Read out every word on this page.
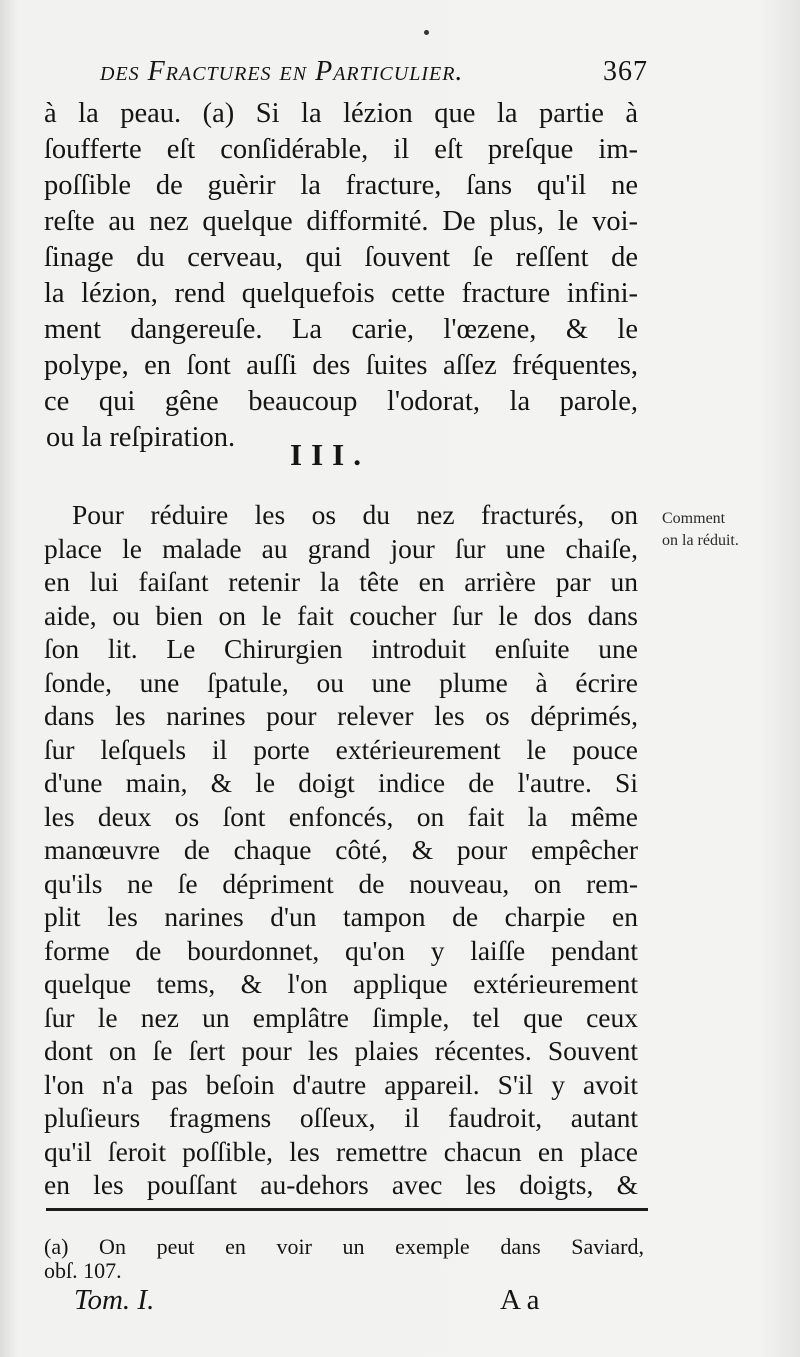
des Fractures en Particulier.	367
à la peau. (a) Si la lézion que la partie à
ſoufferte eſt conſidérable, il eſt preſque im-
poſſible de guèrir la fracture, ſans qu'il ne
reſte au nez quelque difformité. De plus, le voi-
ſinage du cerveau, qui ſouvent ſe reſſent de
la lézion, rend quelquefois cette fracture infini-
ment dangereuſe. La carie, l'œzene, & le
polype, en ſont auſſi des ſuites aſſez fréquentes,
ce qui gêne beaucoup l'odorat, la parole,
ou la reſpiration.	III.
Pour réduire les os du nez fracturés, on
place le malade au grand jour ſur une chaiſe,
en lui faiſant retenir la tête en arrière par un
aide, ou bien on le fait coucher ſur le dos dans
ſon lit. Le Chirurgien introduit enſuite une
ſonde, une ſpatule, ou une plume à écrire
dans les narines pour relever les os déprimés,
ſur leſquels il porte extérieurement le pouce
d'une main, & le doigt indice de l'autre. Si
les deux os ſont enfoncés, on fait la même
manœuvre de chaque côté, & pour empêcher
qu'ils ne ſe dépriment de nouveau, on rem-
plit les narines d'un tampon de charpie en
forme de bourdonnet, qu'on y laiſſe pendant
quelque tems, & l'on applique extérieurement
ſur le nez un emplâtre ſimple, tel que ceux
dont on ſe ſert pour les plaies récentes. Souvent
l'on n'a pas beſoin d'autre appareil. S'il y avoit
pluſieurs fragmens oſſeux, il faudroit, autant
Comment
on la réduit.
(a) On peut en voir un exemple dans Saviard,
obſ. 107.
Tom. I.	A a
qu'il ſeroit poſſible, les remettre chacun en place
en les pouſſant au-dehors avec les doigts, &
